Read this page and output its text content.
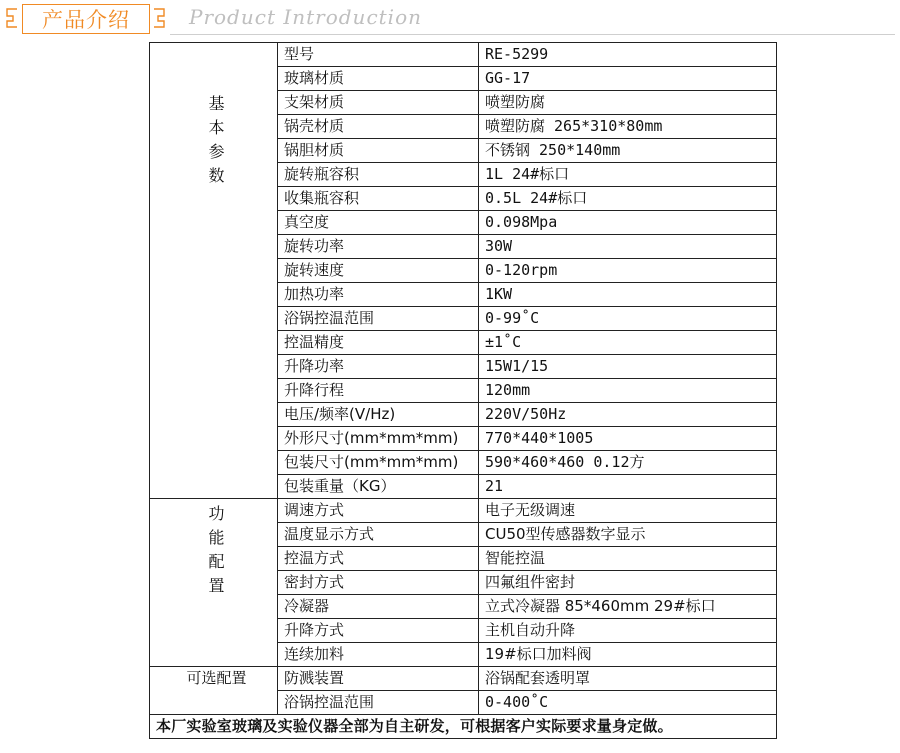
产品介绍	Product Introduction
基本参数	型号	RE-5299
	玻璃材质	GG-17
	支架材质	喷塑防腐
	锅壳材质	喷塑防腐 265*310*80mm
	锅胆材质	不锈钢 250*140mm
	旋转瓶容积	1L 24#标口
	收集瓶容积	0.5L 24#标口
	真空度	0.098Mpa
	旋转功率	30W
	旋转速度	0-120rpm
	加热功率	1KW
	浴锅控温范围	0-99˚C
	控温精度	±1˚C
	升降功率	15W1/15
	升降行程	120mm
	电压/频率(V/Hz)	220V/50Hz
	外形尺寸(mm*mm*mm)	770*440*1005
	包装尺寸(mm*mm*mm)	590*460*460 0.12方
	包装重量（KG）	21
功能配置	调速方式	电子无级调速
	温度显示方式	CU50型传感器数字显示
	控温方式	智能控温
	密封方式	四氟组件密封
	冷凝器	立式冷凝器 85*460mm 29#标口
	升降方式	主机自动升降
	连续加料	19#标口加料阀
可选配置	防溅装置	浴锅配套透明罩
	浴锅控温范围	0-400˚C
本厂实验室玻璃及实验仪器全部为自主研发，可根据客户实际要求量身定做。		
